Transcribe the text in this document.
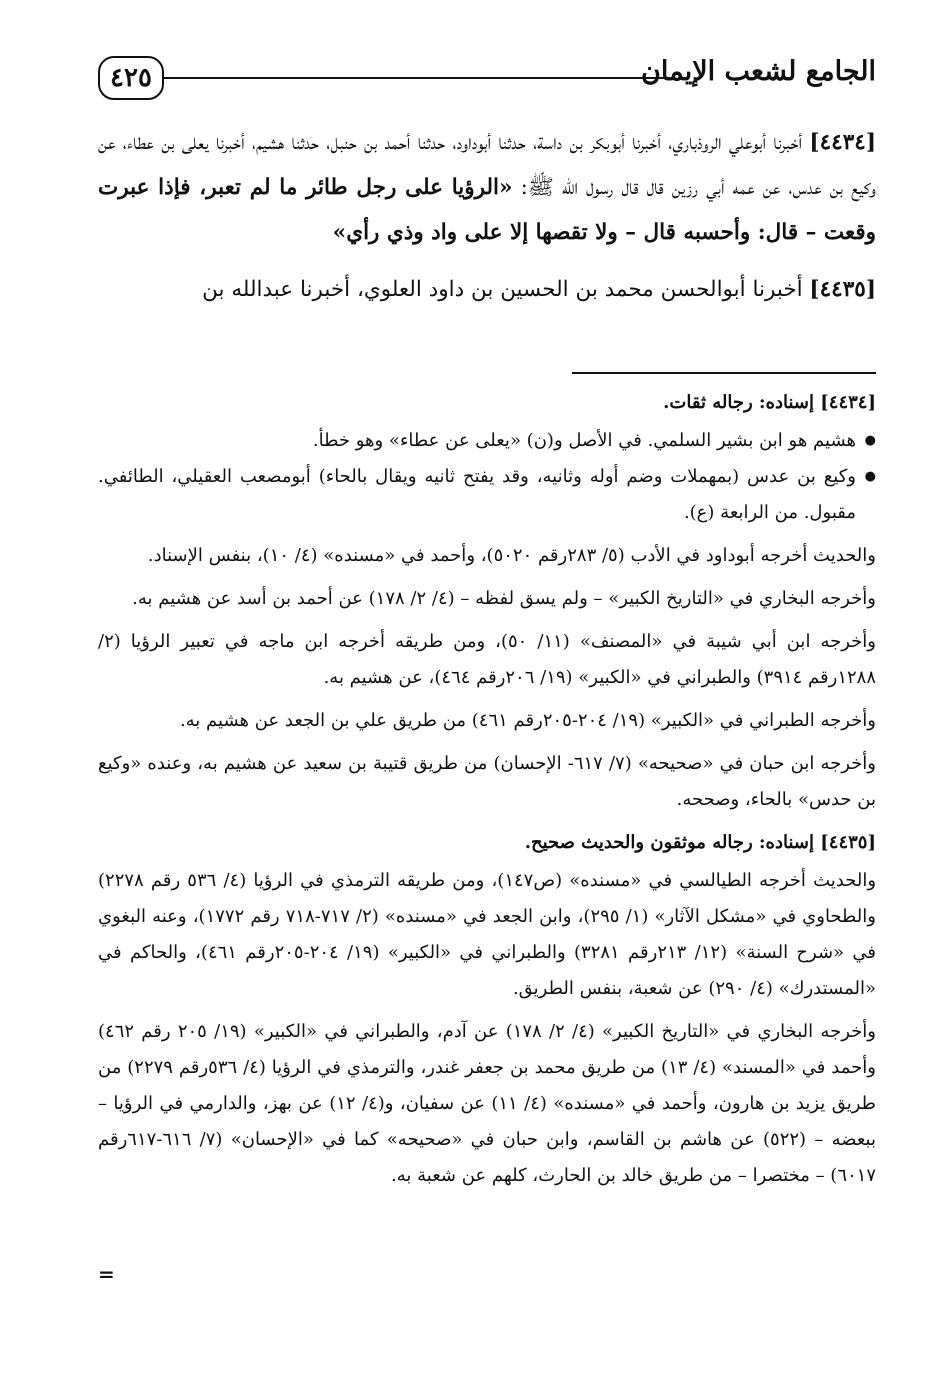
٤٢٥	الجامع لشعب الإيمان

[٤٤٣٤] أخبرنا أبوعلي الروذباري، أخبرنا أبوبكر بن داسة، حدثنا أبوداود، حدثنا أحمد بن حنبل، حدثنا هشيم، أخبرنا يعلى بن عطاء، عن وكيع بن عدس، عن عمه أبي رزين قال قال رسول الله ﷺ: «الرؤيا على رجل طائر ما لم تعبر، فإذا عبرت وقعت – قال: وأحسبه قال – ولا تقصها إلا على واد وذي رأي»

[٤٤٣٥] أخبرنا أبوالحسن محمد بن الحسين بن داود العلوي، أخبرنا عبدالله بن

[٤٤٣٤] إسناده: رجاله ثقات.

● هشيم هو ابن بشير السلمي. في الأصل و(ن) «يعلى عن عطاء» وهو خطأ.
● وكيع بن عدس (بمهملات وضم أوله وثانيه، وقد يفتح ثانيه ويقال بالحاء) أبومصعب العقيلي، الطائفي. مقبول. من الرابعة (ع).

والحديث أخرجه أبوداود في الأدب (٥/ ٢٨٣رقم ٥٠٢٠)، وأحمد في «مسنده» (٤/ ١٠)، بنفس الإسناد.

وأخرجه البخاري في «التاريخ الكبير» – ولم يسق لفظه – (٤/ ٢/ ١٧٨) عن أحمد بن أسد عن هشيم به.

وأخرجه ابن أبي شيبة في «المصنف» (١١/ ٥٠)، ومن طريقه أخرجه ابن ماجه في تعبير الرؤيا (٢/ ١٢٨٨رقم ٣٩١٤) والطبراني في «الكبير» (١٩/ ٢٠٦رقم ٤٦٤)، عن هشيم به.

وأخرجه الطبراني في «الكبير» (١٩/ ٢٠٤-٢٠٥رقم ٤٦١) من طريق علي بن الجعد عن هشيم به.

وأخرجه ابن حبان في «صحيحه» (٧/ ٦١٧- الإحسان) من طريق قتيبة بن سعيد عن هشيم به، وعنده «وكيع بن حدس» بالحاء، وصححه.

[٤٤٣٥] إسناده: رجاله موثقون والحديث صحيح.

والحديث أخرجه الطيالسي في «مسنده» (ص١٤٧)، ومن طريقه الترمذي في الرؤيا (٤/ ٥٣٦ رقم ٢٢٧٨) والطحاوي في «مشكل الآثار» (١/ ٢٩٥)، وابن الجعد في «مسنده» (٢/ ٧١٧-٧١٨ رقم ١٧٧٢)، وعنه البغوي في «شرح السنة» (١٢/ ٢١٣رقم ٣٢٨١) والطبراني في «الكبير» (١٩/ ٢٠٤-٢٠٥رقم ٤٦١)، والحاكم في «المستدرك» (٤/ ٢٩٠) عن شعبة، بنفس الطريق.

وأخرجه البخاري في «التاريخ الكبير» (٤/ ٢/ ١٧٨) عن آدم، والطبراني في «الكبير» (١٩/ ٢٠٥ رقم ٤٦٢) وأحمد في «المسند» (٤/ ١٣) من طريق محمد بن جعفر غندر، والترمذي في الرؤيا (٤/ ٥٣٦رقم ٢٢٧٩) من طريق يزيد بن هارون، وأحمد في «مسنده» (٤/ ١١) عن سفيان، و(٤/ ١٢) عن بهز، والدارمي في الرؤيا – ببعضه – (٥٢٢) عن هاشم بن القاسم، وابن حبان في «صحيحه» كما في «الإحسان» (٧/ ٦١٦-٦١٧رقم ٦٠١٧) – مختصرا – من طريق خالد بن الحارث، كلهم عن شعبة به.

=
